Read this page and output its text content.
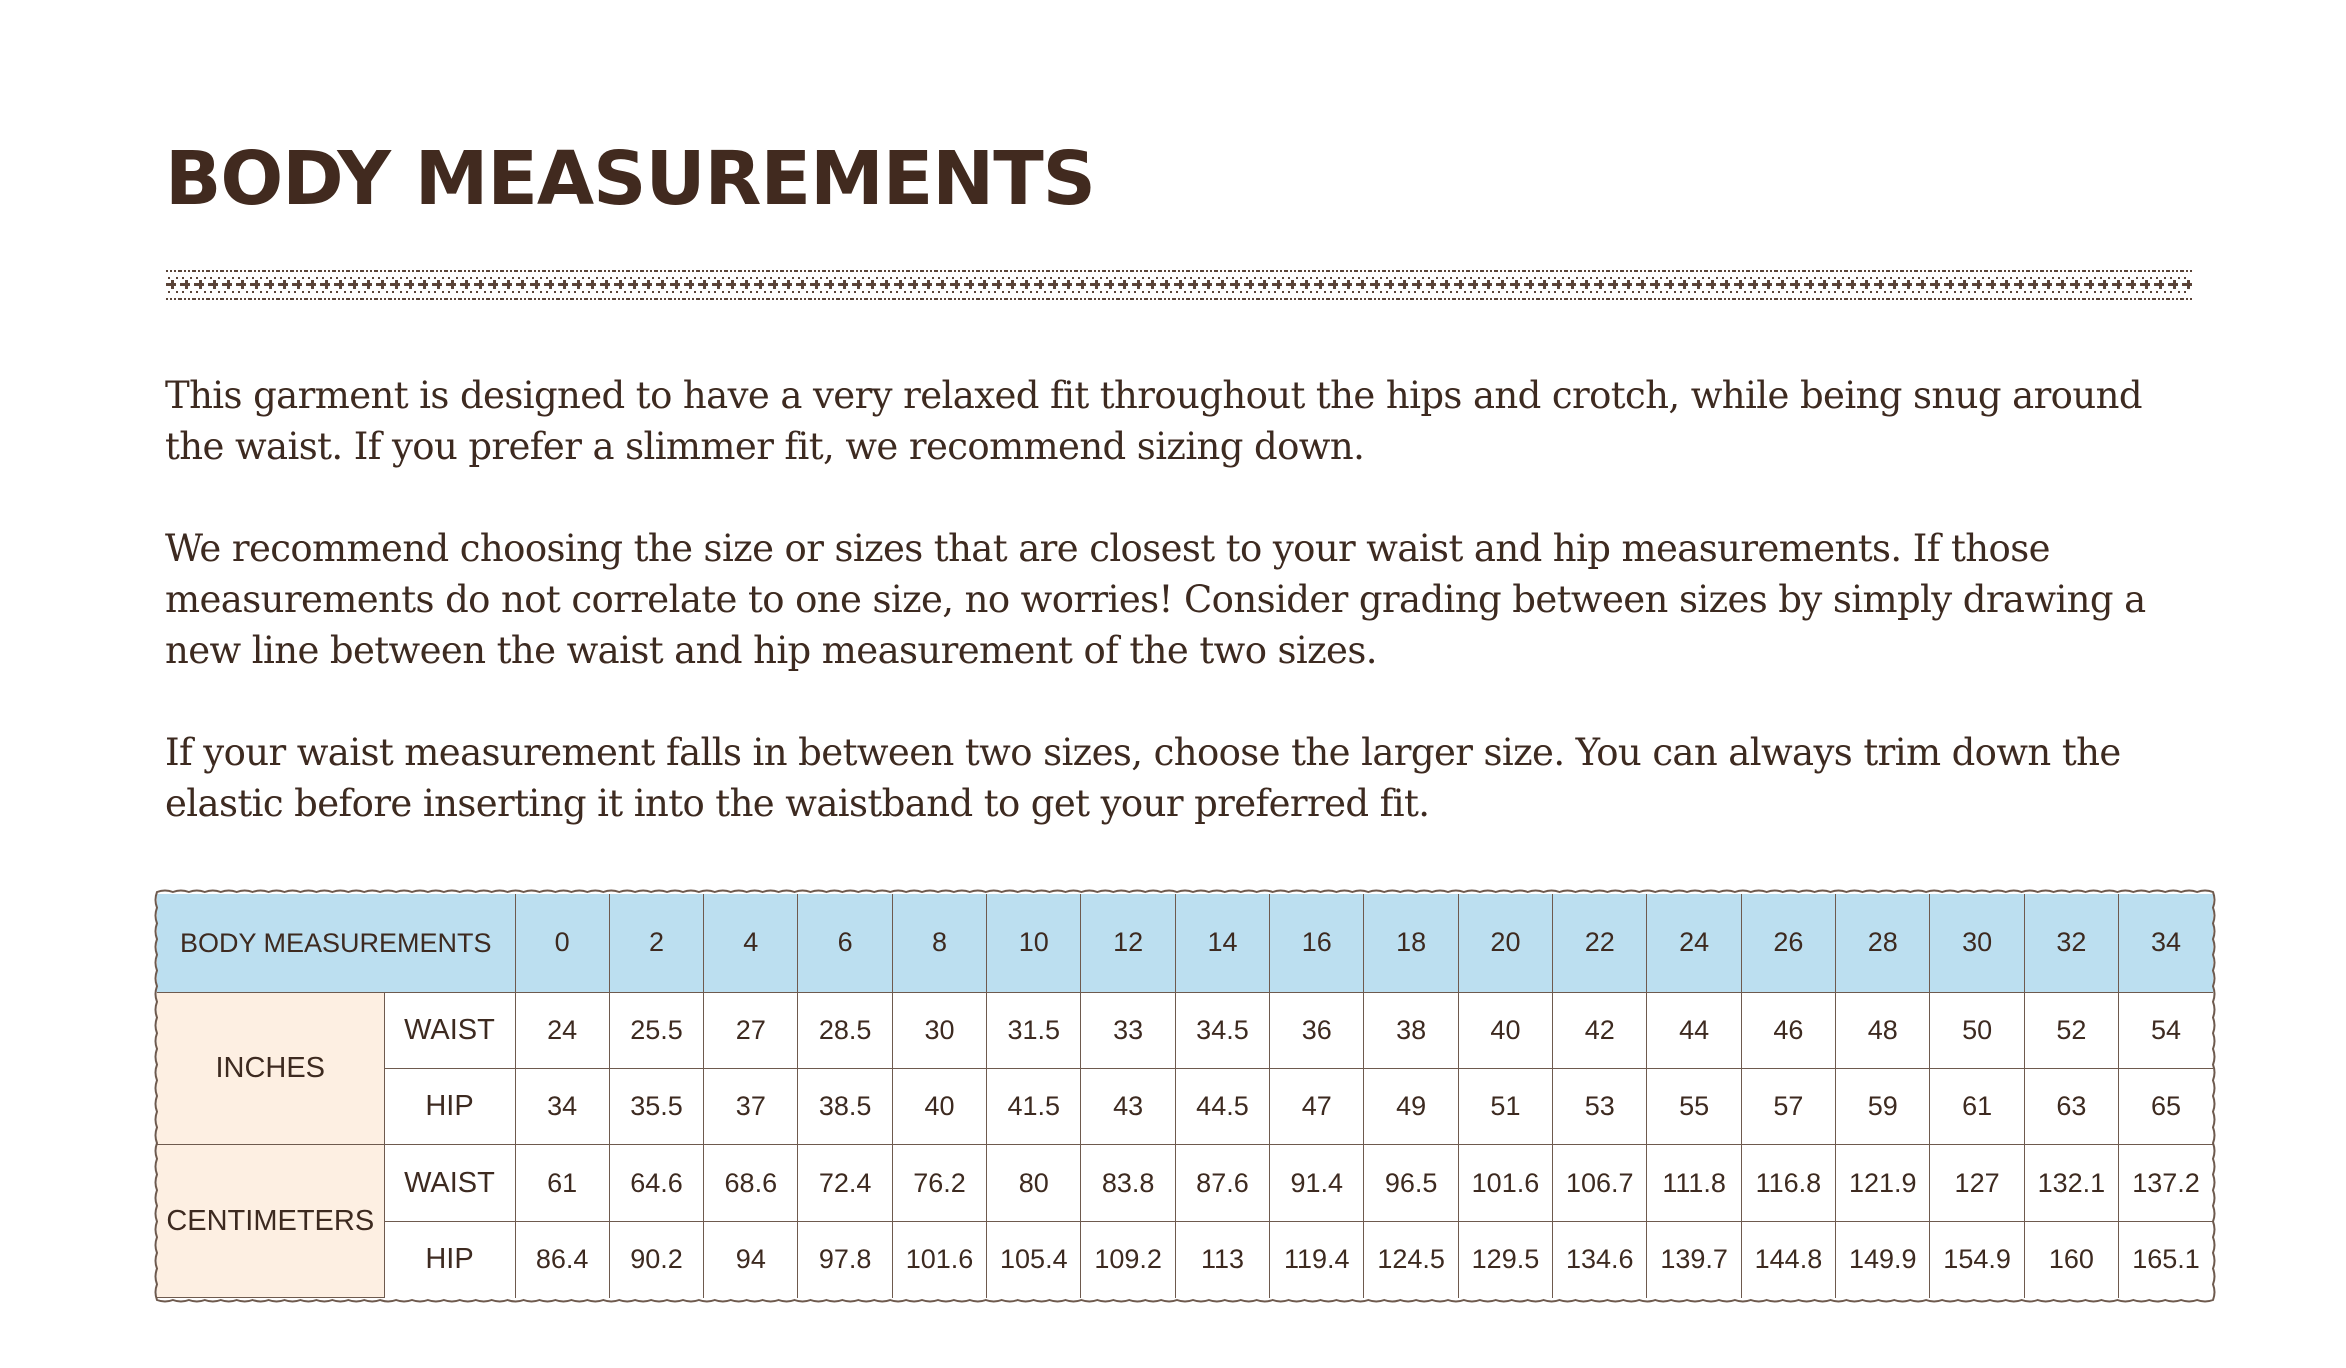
BODY MEASUREMENTS

This garment is designed to have a very relaxed fit throughout the hips and crotch, while being snug around the waist. If you prefer a slimmer fit, we recommend sizing down.

We recommend choosing the size or sizes that are closest to your waist and hip measurements. If those measurements do not correlate to one size, no worries! Consider grading between sizes by simply drawing a new line between the waist and hip measurement of the two sizes.

If your waist measurement falls in between two sizes, choose the larger size. You can always trim down the elastic before inserting it into the waistband to get your preferred fit.

BODY MEASUREMENTS		0	2	4	6	8	10	12	14	16	18	20	22	24	26	28	30	32	34
INCHES	WAIST	24	25.5	27	28.5	30	31.5	33	34.5	36	38	40	42	44	46	48	50	52	54
	HIP	34	35.5	37	38.5	40	41.5	43	44.5	47	49	51	53	55	57	59	61	63	65
CENTIMETERS	WAIST	61	64.6	68.6	72.4	76.2	80	83.8	87.6	91.4	96.5	101.6	106.7	111.8	116.8	121.9	127	132.1	137.2
	HIP	86.4	90.2	94	97.8	101.6	105.4	109.2	113	119.4	124.5	129.5	134.6	139.7	144.8	149.9	154.9	160	165.1
